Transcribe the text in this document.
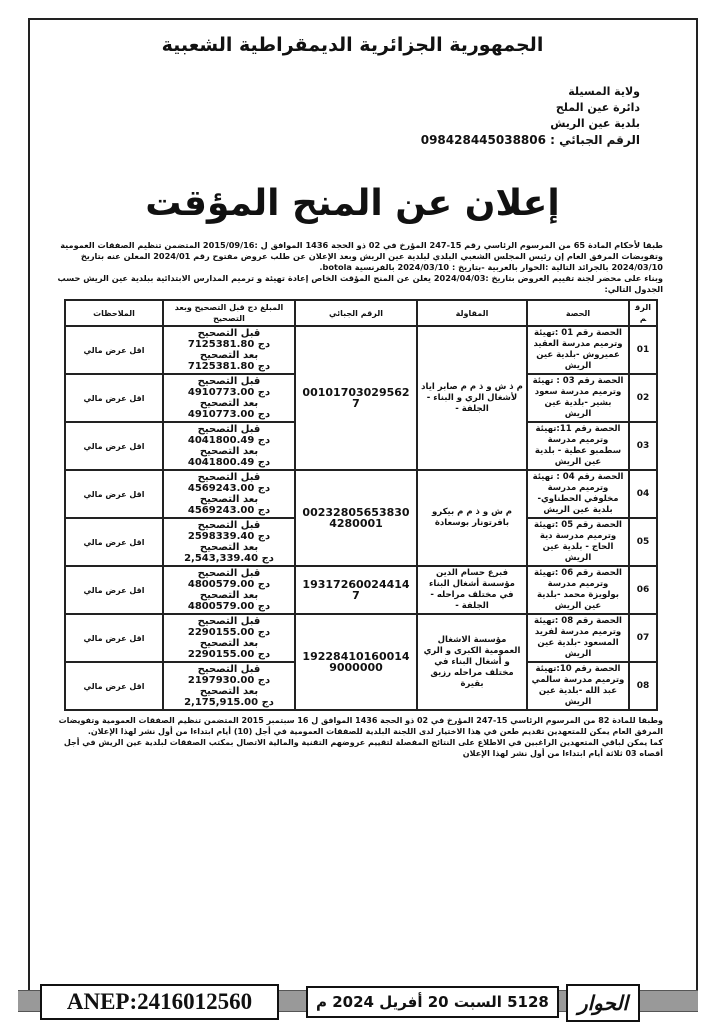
الجمهورية الجزائرية الديمقراطية الشعبية
ولاية المسيلة
دائرة عين الملح
بلدية عين الريش
الرقم الجبائي : 098428445038806
إعلان عن المنح المؤقت
طبقا لأحكام المادة 65 من المرسوم الرئاسي رقم 15-247 المؤرخ في 02 ذو الحجة 1436 الموافق ل :2015/09/16 المتضمن تنظيم الصفقات العمومية وتفويضات المرفق العام إن رئيس المجلس الشعبي البلدي لبلدية عين الريش وبعد الإعلان عن طلب عروض مفتوح رقم 2024/01 المعلن عنه بتاريخ 2024/03/10 بالجرائد التالية :الحوار بالعربية -بتاريخ : 2024/03/10 بالفرنسية botola.
وبناء على محضر لجنة تقييم العروض بتاريخ :2024/04/03 يعلن عن المنح المؤقت الخاص إعادة تهيئة و ترميم المدارس الابتدائية ببلدية عين الريش حسب الجدول التالي:
الرقم	الحصة	المقاولة	الرقم الجبائي	المبلغ دج قبل التصحيح وبعد التصحيح	الملاحظات
01	الحصة رقم 01 :تهيئة وترميم مدرسة العقيد عميروش -بلدية عين الريش	م ذ ش و ذ م م صابر اياد لأشغال الري و البناء - الجلفة -	001017030295627	قبل التصحيح
دج 7125381.80
بعد التصحيح
دج 7125381.80	اقل عرض مالي
02	الحصة رقم 03 : تهيئة وترميم مدرسة سعود بشير -بلدية عين الريش			قبل التصحيح
دج 4910773.00
بعد التصحيح
دج 4910773.00	اقل عرض مالي
03	الحصة رقم 11:تهيئة وترميم مدرسة سطمبو عطية - بلدية عين الريش			قبل التصحيح
دج 4041800.49
بعد التصحيح
دج 4041800.49	اقل عرض مالي
04	الحصة رقم 04 : تهيئة وترميم مدرسة مخلوفي الحطناوي-بلدية عين الريش	م ش و ذ م م بيكرو بافرتونار بوسعادة	002328056538304280001	قبل التصحيح
دج 4569243.00
بعد التصحيح
دج 4569243.00	اقل عرض مالي
05	الحصة رقم 05 :تهيئة وترميم مدرسة دية الحاج - بلدية عين الريش			قبل التصحيح
دج 2598339.40
بعد التصحيح
دج 2,543,339.40	اقل عرض مالي
06	الحصة رقم 06 :تهيئة وترميم مدرسة بولويزة محمد -بلدية عين الريش	فبرع حسام الدين مؤسسة أشغال البناء في مختلف مراحله - الجلفة -	193172600244147	قبل التصحيح
دج 4800579.00
بعد التصحيح
دج 4800579.00	اقل عرض مالي
07	الحصة رقم 08 :تهيئة وترميم مدرسة لفريد المسعود -بلدية عين الريش	مؤسسة الاشغال العمومية الكبرى و الري و أشغال البناء في مختلف مراحله رزيق بقيرة	192284101600149000000	قبل التصحيح
دج 2290155.00
بعد التصحيح
دج 2290155.00	اقل عرض مالي
08	الحصة رقم 10:تهيئة وترميم مدرسة سالمي عبد الله -بلدية عين الريش			قبل التصحيح
دج 2197930.00
بعد التصحيح
دج 2,175,915.00	اقل عرض مالي
وطبقا للمادة 82 من المرسوم الرئاسي 15-247 المؤرخ في 02 ذو الحجة 1436 الموافق ل 16 سبتمبر 2015 المتضمن تنظيم الصفقات العمومية وتفويضات المرفق العام يمكن للمتعهدين تقديم طعن في هذا الاختيار لدى اللجنة البلدية للصفقات العمومية في أجل (10) أيام ابتداءا من أول نشر لهذا الإعلان.
كما يمكن لباقي المتعهدين الراغبين في الاطلاع على النتائج المفصلة لتقييم عروضهم التقنية والمالية الاتصال بمكتب الصفقات لبلدية عين الريش في أجل أقصاه 03 ثلاثة أيام ابتداءا من أول نشر لهذا الإعلان
ANEP:2416012560	5128 السبت 20 أفريل 2024 م	الحوار
